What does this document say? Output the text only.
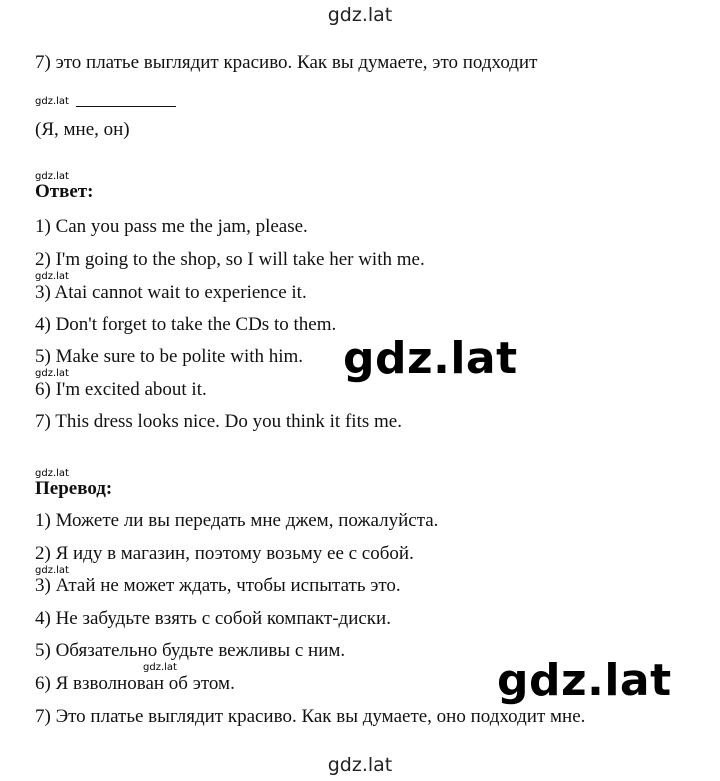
gdz.lat
7) это платье выглядит красиво. Как вы думаете, это подходит
gdz.lat
(Я, мне, он)
gdz.lat
Ответ:
1) Can you pass me the jam, please.
2) I'm going to the shop, so I will take her with me.
gdz.lat
3) Atai cannot wait to experience it.
4) Don't forget to take the CDs to them.
5) Make sure to be polite with him.
gdz.lat
6) I'm excited about it.
7) This dress looks nice. Do you think it fits me.
gdz.lat
gdz.lat
Перевод:
1) Можете ли вы передать мне джем, пожалуйста.
2) Я иду в магазин, поэтому возьму ее с собой.
gdz.lat
3) Атай не может ждать, чтобы испытать это.
4) Не забудьте взять с собой компакт-диски.
5) Обязательно будьте вежливы с ним.
gdz.lat
6) Я взволнован об этом.
7) Это платье выглядит красиво. Как вы думаете, оно подходит мне.
gdz.lat
gdz.lat
